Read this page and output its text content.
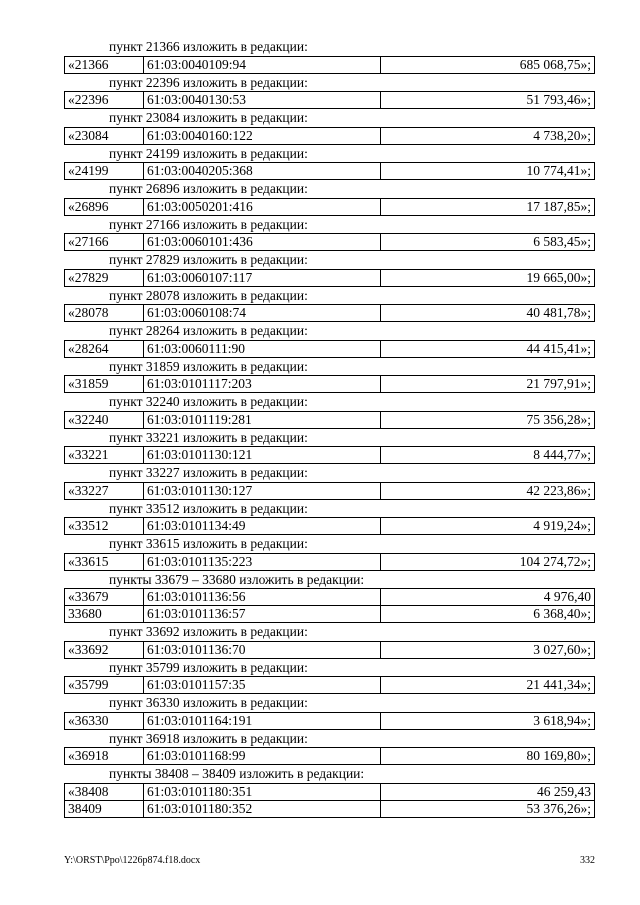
пункт 21366 изложить в редакции:
«21366	61:03:0040109:94	685 068,75»;
пункт 22396 изложить в редакции:
«22396	61:03:0040130:53	51 793,46»;
пункт 23084 изложить в редакции:
«23084	61:03:0040160:122	4 738,20»;
пункт 24199 изложить в редакции:
«24199	61:03:0040205:368	10 774,41»;
пункт 26896 изложить в редакции:
«26896	61:03:0050201:416	17 187,85»;
пункт 27166 изложить в редакции:
«27166	61:03:0060101:436	6 583,45»;
пункт 27829 изложить в редакции:
«27829	61:03:0060107:117	19 665,00»;
пункт 28078 изложить в редакции:
«28078	61:03:0060108:74	40 481,78»;
пункт 28264 изложить в редакции:
«28264	61:03:0060111:90	44 415,41»;
пункт 31859 изложить в редакции:
«31859	61:03:0101117:203	21 797,91»;
пункт 32240 изложить в редакции:
«32240	61:03:0101119:281	75 356,28»;
пункт 33221 изложить в редакции:
«33221	61:03:0101130:121	8 444,77»;
пункт 33227 изложить в редакции:
«33227	61:03:0101130:127	42 223,86»;
пункт 33512 изложить в редакции:
«33512	61:03:0101134:49	4 919,24»;
пункт 33615 изложить в редакции:
«33615	61:03:0101135:223	104 274,72»;
пункты 33679 – 33680 изложить в редакции:
«33679	61:03:0101136:56	4 976,40
33680	61:03:0101136:57	6 368,40»;
пункт 33692 изложить в редакции:
«33692	61:03:0101136:70	3 027,60»;
пункт 35799 изложить в редакции:
«35799	61:03:0101157:35	21 441,34»;
пункт 36330 изложить в редакции:
«36330	61:03:0101164:191	3 618,94»;
пункт 36918 изложить в редакции:
«36918	61:03:0101168:99	80 169,80»;
пункты 38408 – 38409 изложить в редакции:
«38408	61:03:0101180:351	46 259,43
38409	61:03:0101180:352	53 376,26»;
Y:\ORST\Ppo\1226p874.f18.docx	332
